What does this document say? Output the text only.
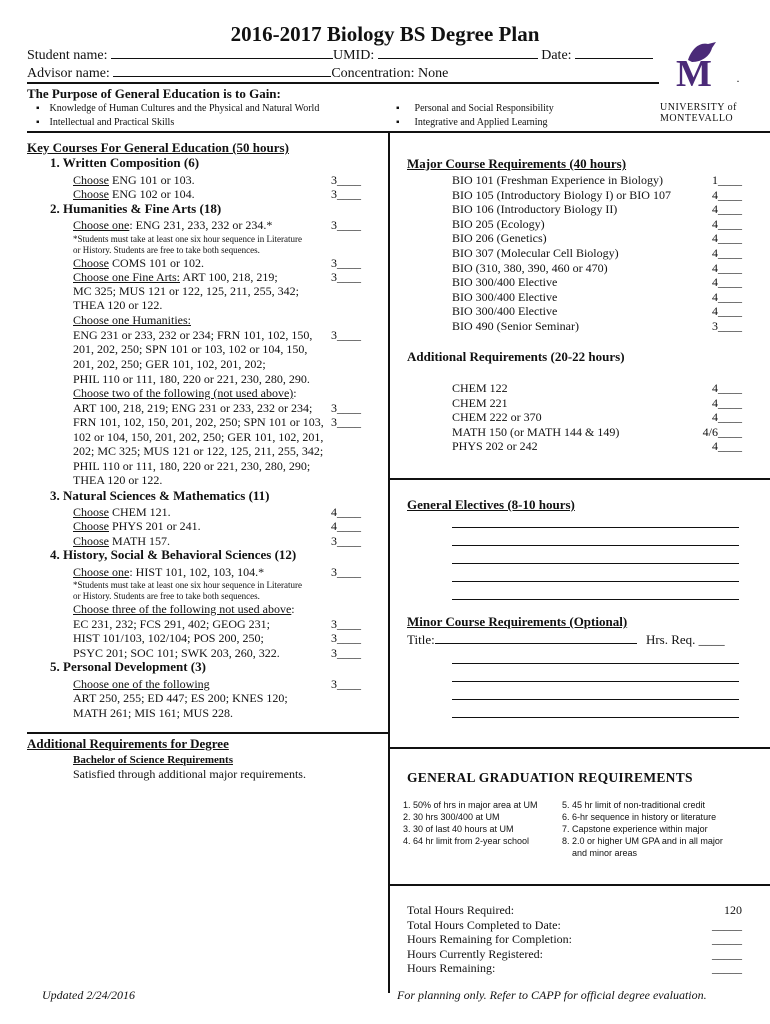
2016-2017 Biology BS Degree Plan
Student name:	UMID:	Date:
Advisor name:	Concentration: None
The Purpose of General Education is to Gain:
▪    Knowledge of Human Cultures and the Physical and Natural World
▪    Intellectual and Practical Skills
▪      Personal and Social Responsibility
▪      Integrative and Applied Learning
M ·
UNIVERSITY of
MONTEVALLO
Key Courses For General Education (50 hours)
1. Written Composition (6)
Choose ENG 101 or 103.	3____
Choose ENG 102 or 104.	3____
2. Humanities & Fine Arts (18)
Choose one: ENG 231, 233, 232 or 234.*	3____
*Students must take at least one six hour sequence in Literature
or History. Students are free to take both sequences.
Choose COMS 101 or 102.	3____
Choose one Fine Arts: ART 100, 218, 219;	3____
MC 325; MUS 121 or 122, 125, 211, 255, 342;
THEA 120 or 122.
Choose one Humanities:
ENG 231 or 233, 232 or 234; FRN 101, 102, 150, 3____
201, 202, 250; SPN 101 or 103, 102 or 104, 150,
201, 202, 250; GER 101, 102, 201, 202;
PHIL 110 or 111, 180, 220 or 221, 230, 280, 290.
Choose two of the following (not used above):
ART 100, 218, 219; ENG 231 or 233, 232 or 234; 3____
FRN 101, 102, 150, 201, 202, 250; SPN 101 or 103, 3____
102 or 104, 150, 201, 202, 250; GER 101, 102, 201,
202; MC 325; MUS 121 or 122, 125, 211, 255, 342;
PHIL 110 or 111, 180, 220 or 221, 230, 280, 290;
THEA 120 or 122.
3. Natural Sciences & Mathematics (11)
Choose CHEM 121.	4____
Choose PHYS 201 or 241.	4____
Choose MATH 157.	3____
4. History, Social & Behavioral Sciences (12)
Choose one: HIST 101, 102, 103, 104.*	3____
*Students must take at least one six hour sequence in Literature
or History. Students are free to take both sequences.
Choose three of the following not used above:
EC 231, 232; FCS 291, 402; GEOG 231;	3____
HIST 101/103, 102/104; POS 200, 250;	3____
PSYC 201; SOC 101; SWK 203, 260, 322.	3____
5. Personal Development (3)
Choose one of the following	3____
ART 250, 255; ED 447; ES 200; KNES 120;
MATH 261; MIS 161; MUS 228.
Additional Requirements for Degree
Bachelor of Science Requirements
Satisfied through additional major requirements.
Major Course Requirements (40 hours)
BIO 101 (Freshman Experience in Biology)	1____
BIO 105 (Introductory Biology I) or BIO 107	4____
BIO 106 (Introductory Biology II)	4____
BIO 205 (Ecology)	4____
BIO 206 (Genetics)	4____
BIO 307 (Molecular Cell Biology)	4____
BIO (310, 380, 390, 460 or 470)	4____
BIO 300/400 Elective	4____
BIO 300/400 Elective	4____
BIO 300/400 Elective	4____
BIO 490 (Senior Seminar)	3____
Additional Requirements (20-22 hours)
CHEM 122	4____
CHEM 221	4____
CHEM 222 or 370	4____
MATH 150 (or MATH 144 & 149)	4/6____
PHYS 202 or 242	4____
General Electives (8-10 hours)
Minor Course Requirements (Optional)
Title:	Hrs. Req. ____
GENERAL GRADUATION REQUIREMENTS
1. 50% of hrs in major area at UM
2. 30 hrs 300/400 at UM
3. 30 of last 40 hours at UM
4. 64 hr limit from 2-year school
5. 45 hr limit of non-traditional credit
6. 6-hr sequence in history or literature
7. Capstone experience within major
8. 2.0 or higher UM GPA and in all major and minor areas
Total Hours Required:	120
Total Hours Completed to Date:	_____
Hours Remaining for Completion:	_____
Hours Currently Registered:	_____
Hours Remaining:	_____
Updated 2/24/2016	For planning only. Refer to CAPP for official degree evaluation.
